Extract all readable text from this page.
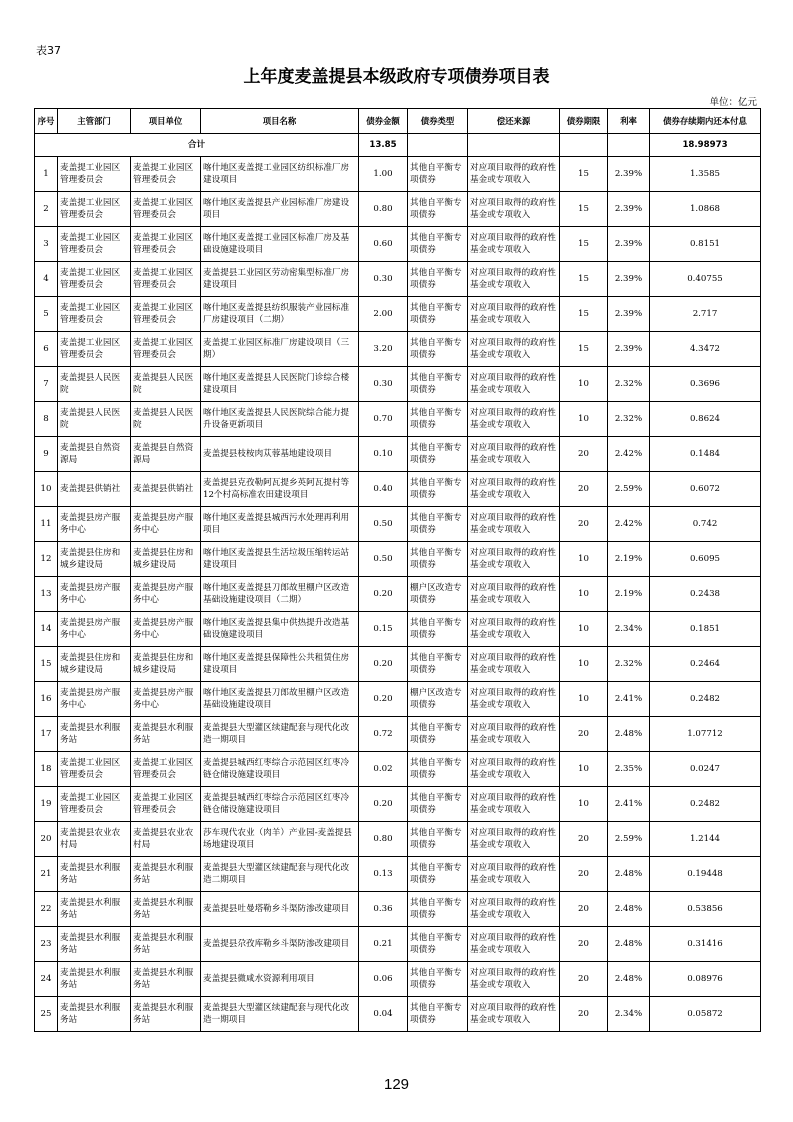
表37
上年度麦盖提县本级政府专项债券项目表
单位：亿元
序号	主管部门	项目单位	项目名称	债券金额	债券类型	偿还来源	债券期限	利率	债券存续期内还本付息
合计				13.85					18.98973
1	麦盖提工业园区管理委员会	麦盖提工业园区管理委员会	喀什地区麦盖提工业园区纺织标准厂房建设项目	1.00	其他自平衡专项债券	对应项目取得的政府性基金或专项收入	15	2.39%	1.3585
2	麦盖提工业园区管理委员会	麦盖提工业园区管理委员会	喀什地区麦盖提县产业园标准厂房建设项目	0.80	其他自平衡专项债券	对应项目取得的政府性基金或专项收入	15	2.39%	1.0868
3	麦盖提工业园区管理委员会	麦盖提工业园区管理委员会	喀什地区麦盖提工业园区标准厂房及基础设施建设项目	0.60	其他自平衡专项债券	对应项目取得的政府性基金或专项收入	15	2.39%	0.8151
4	麦盖提工业园区管理委员会	麦盖提工业园区管理委员会	麦盖提县工业园区劳动密集型标准厂房建设项目	0.30	其他自平衡专项债券	对应项目取得的政府性基金或专项收入	15	2.39%	0.40755
5	麦盖提工业园区管理委员会	麦盖提工业园区管理委员会	喀什地区麦盖提县纺织服装产业园标准厂房建设项目（二期）	2.00	其他自平衡专项债券	对应项目取得的政府性基金或专项收入	15	2.39%	2.717
6	麦盖提工业园区管理委员会	麦盖提工业园区管理委员会	麦盖提工业园区标准厂房建设项目（三期）	3.20	其他自平衡专项债券	对应项目取得的政府性基金或专项收入	15	2.39%	4.3472
7	麦盖提县人民医院	麦盖提县人民医院	喀什地区麦盖提县人民医院门诊综合楼建设项目	0.30	其他自平衡专项债券	对应项目取得的政府性基金或专项收入	10	2.32%	0.3696
8	麦盖提县人民医院	麦盖提县人民医院	喀什地区麦盖提县人民医院综合能力提升设备更新项目	0.70	其他自平衡专项债券	对应项目取得的政府性基金或专项收入	10	2.32%	0.8624
9	麦盖提县自然资源局	麦盖提县自然资源局	麦盖提县枝桉肉苁蓉基地建设项目	0.10	其他自平衡专项债券	对应项目取得的政府性基金或专项收入	20	2.42%	0.1484
10	麦盖提县供销社	麦盖提县供销社	麦盖提县克孜勒阿瓦提乡英阿瓦提村等12个村高标准农田建设项目	0.40	其他自平衡专项债券	对应项目取得的政府性基金或专项收入	20	2.59%	0.6072
11	麦盖提县房产服务中心	麦盖提县房产服务中心	喀什地区麦盖提县城西污水处理再利用项目	0.50	其他自平衡专项债券	对应项目取得的政府性基金或专项收入	20	2.42%	0.742
12	麦盖提县住房和城乡建设局	麦盖提县住房和城乡建设局	喀什地区麦盖提县生活垃圾压缩转运站建设项目	0.50	其他自平衡专项债券	对应项目取得的政府性基金或专项收入	10	2.19%	0.6095
13	麦盖提县房产服务中心	麦盖提县房产服务中心	喀什地区麦盖提县刀郎故里棚户区改造基础设施建设项目（二期）	0.20	棚户区改造专项债券	对应项目取得的政府性基金或专项收入	10	2.19%	0.2438
14	麦盖提县房产服务中心	麦盖提县房产服务中心	喀什地区麦盖提县集中供热提升改造基础设施建设项目	0.15	其他自平衡专项债券	对应项目取得的政府性基金或专项收入	10	2.34%	0.1851
15	麦盖提县住房和城乡建设局	麦盖提县住房和城乡建设局	喀什地区麦盖提县保障性公共租赁住房建设项目	0.20	其他自平衡专项债券	对应项目取得的政府性基金或专项收入	10	2.32%	0.2464
16	麦盖提县房产服务中心	麦盖提县房产服务中心	喀什地区麦盖提县刀郎故里棚户区改造基础设施建设项目	0.20	棚户区改造专项债券	对应项目取得的政府性基金或专项收入	10	2.41%	0.2482
17	麦盖提县水利服务站	麦盖提县水利服务站	麦盖提县大型灌区续建配套与现代化改造一期项目	0.72	其他自平衡专项债券	对应项目取得的政府性基金或专项收入	20	2.48%	1.07712
18	麦盖提工业园区管理委员会	麦盖提工业园区管理委员会	麦盖提县城西红枣综合示范园区红枣冷链仓储设施建设项目	0.02	其他自平衡专项债券	对应项目取得的政府性基金或专项收入	10	2.35%	0.0247
19	麦盖提工业园区管理委员会	麦盖提工业园区管理委员会	麦盖提县城西红枣综合示范园区红枣冷链仓储设施建设项目	0.20	其他自平衡专项债券	对应项目取得的政府性基金或专项收入	10	2.41%	0.2482
20	麦盖提县农业农村局	麦盖提县农业农村局	莎车现代农业（肉羊）产业园-麦盖提县场地建设项目	0.80	其他自平衡专项债券	对应项目取得的政府性基金或专项收入	20	2.59%	1.2144
21	麦盖提县水利服务站	麦盖提县水利服务站	麦盖提县大型灌区续建配套与现代化改造二期项目	0.13	其他自平衡专项债券	对应项目取得的政府性基金或专项收入	20	2.48%	0.19448
22	麦盖提县水利服务站	麦盖提县水利服务站	麦盖提县吐曼塔勒乡斗渠防渗改建项目	0.36	其他自平衡专项债券	对应项目取得的政府性基金或专项收入	20	2.48%	0.53856
23	麦盖提县水利服务站	麦盖提县水利服务站	麦盖提县尕孜库勒乡斗渠防渗改建项目	0.21	其他自平衡专项债券	对应项目取得的政府性基金或专项收入	20	2.48%	0.31416
24	麦盖提县水利服务站	麦盖提县水利服务站	麦盖提县微咸水资源利用项目	0.06	其他自平衡专项债券	对应项目取得的政府性基金或专项收入	20	2.48%	0.08976
25	麦盖提县水利服务站	麦盖提县水利服务站	麦盖提县大型灌区续建配套与现代化改造一期项目	0.04	其他自平衡专项债券	对应项目取得的政府性基金或专项收入	20	2.34%	0.05872
129
